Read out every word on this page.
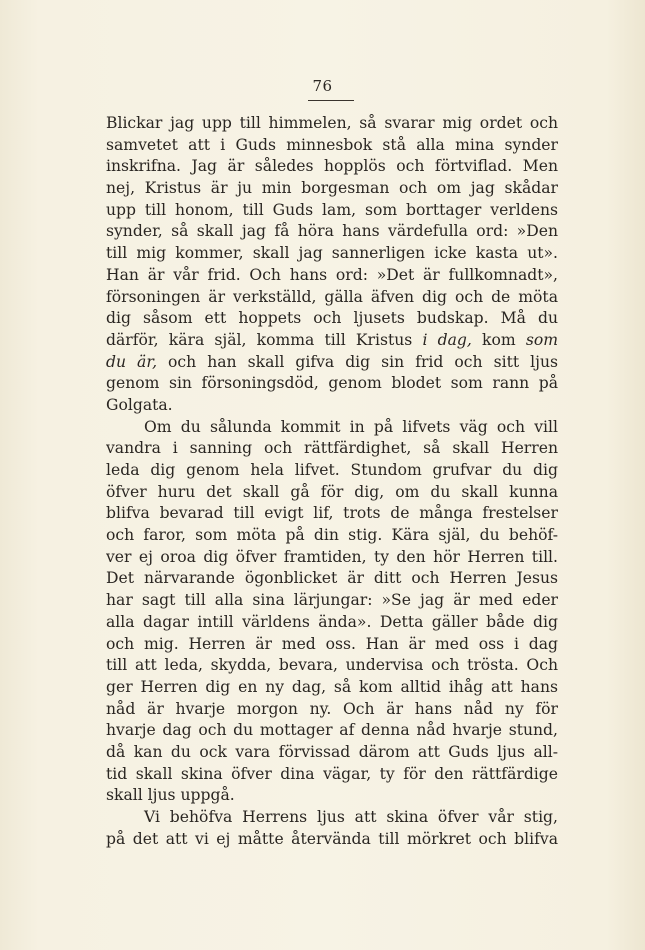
76
Blickar jag upp till himmelen, så svarar mig ordet och
samvetet att i Guds minnesbok stå alla mina synder
inskrifna. Jag är således hopplös och förtviflad. Men
nej, Kristus är ju min borgesman och om jag skådar
upp till honom, till Guds lam, som borttager verldens
synder, så skall jag få höra hans värdefulla ord: »Den
till mig kommer, skall jag sannerligen icke kasta ut».
Han är vår frid. Och hans ord: »Det är fullkomnadt»,
försoningen är verkställd, gälla äfven dig och de möta
dig såsom ett hoppets och ljusets budskap. Må du
därför, kära själ, komma till Kristus i dag, kom som
du är, och han skall gifva dig sin frid och sitt ljus
genom sin försoningsdöd, genom blodet som rann på
Golgata.
Om du sålunda kommit in på lifvets väg och vill
vandra i sanning och rättfärdighet, så skall Herren
leda dig genom hela lifvet. Stundom grufvar du dig
öfver huru det skall gå för dig, om du skall kunna
blifva bevarad till evigt lif, trots de många frestelser
och faror, som möta på din stig. Kära själ, du behöf-
ver ej oroa dig öfver framtiden, ty den hör Herren till.
Det närvarande ögonblicket är ditt och Herren Jesus
har sagt till alla sina lärjungar: »Se jag är med eder
alla dagar intill världens ända». Detta gäller både dig
och mig. Herren är med oss. Han är med oss i dag
till att leda, skydda, bevara, undervisa och trösta. Och
ger Herren dig en ny dag, så kom alltid ihåg att hans
nåd är hvarje morgon ny. Och är hans nåd ny för
hvarje dag och du mottager af denna nåd hvarje stund,
då kan du ock vara förvissad därom att Guds ljus all-
tid skall skina öfver dina vägar, ty för den rättfärdige
skall ljus uppgå.
Vi behöfva Herrens ljus att skina öfver vår stig,
på det att vi ej måtte återvända till mörkret och blifva
